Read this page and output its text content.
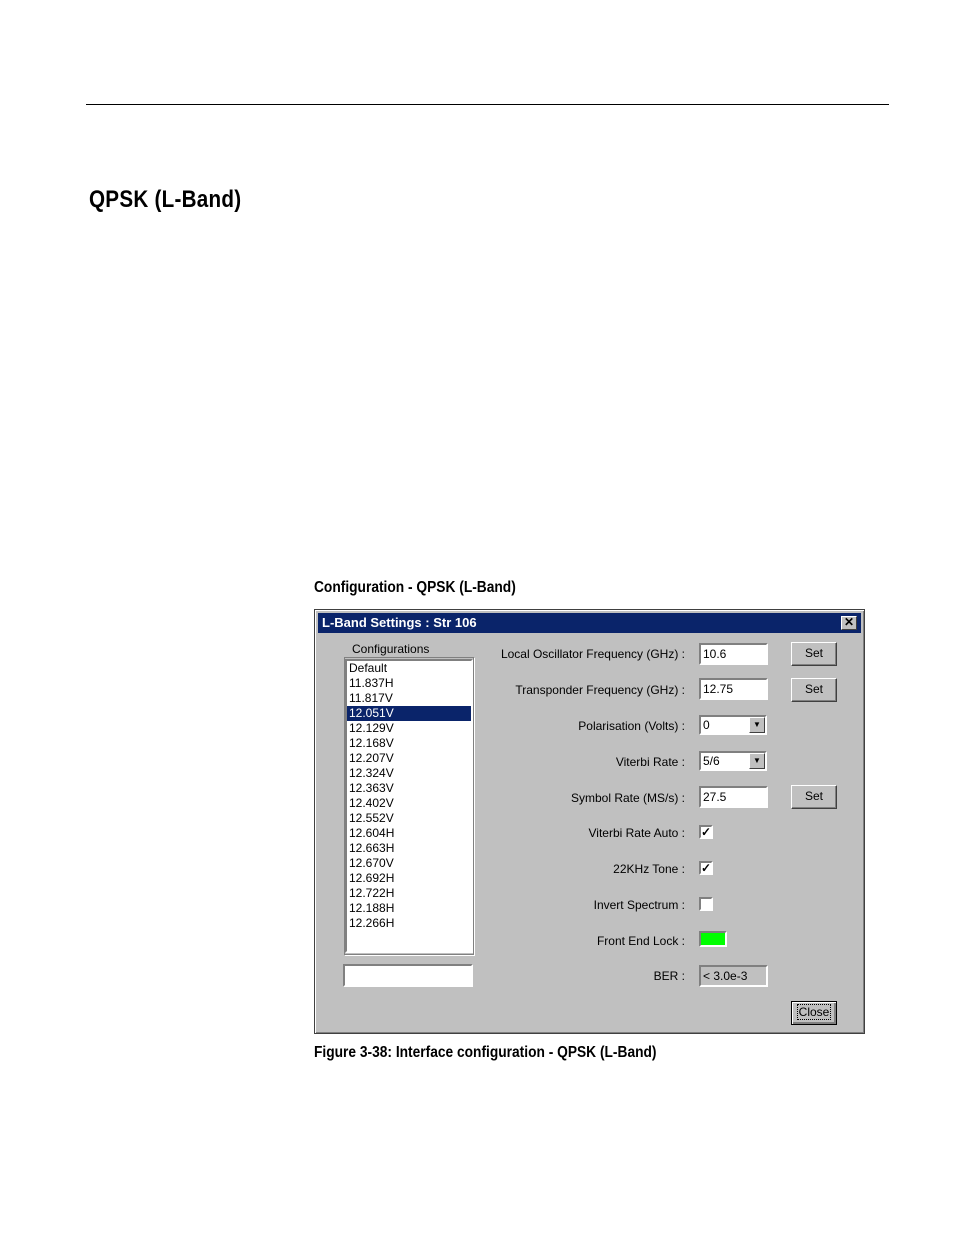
QPSK (L-Band)
Configuration - QPSK (L-Band)
L-Band Settings : Str 106	✕
Configurations
Default
11.837H
11.817V
12.051V
12.129V
12.168V
12.207V
12.324V
12.363V
12.402V
12.552V
12.604H
12.663H
12.670V
12.692H
12.722H
12.188H
12.266H
Local Oscillator Frequency (GHz) :	10.6	Set
Transponder Frequency (GHz) :	12.75	Set
Polarisation (Volts) : 0	▼
Viterbi Rate : 5/6	▼
Symbol Rate (MS/s) :	27.5	Set
Viterbi Rate Auto : ✓
22KHz Tone : ✓
Invert Spectrum :
Front End Lock :
BER :	< 3.0e-3
Close
Figure 3-38: Interface configuration - QPSK (L-Band)
